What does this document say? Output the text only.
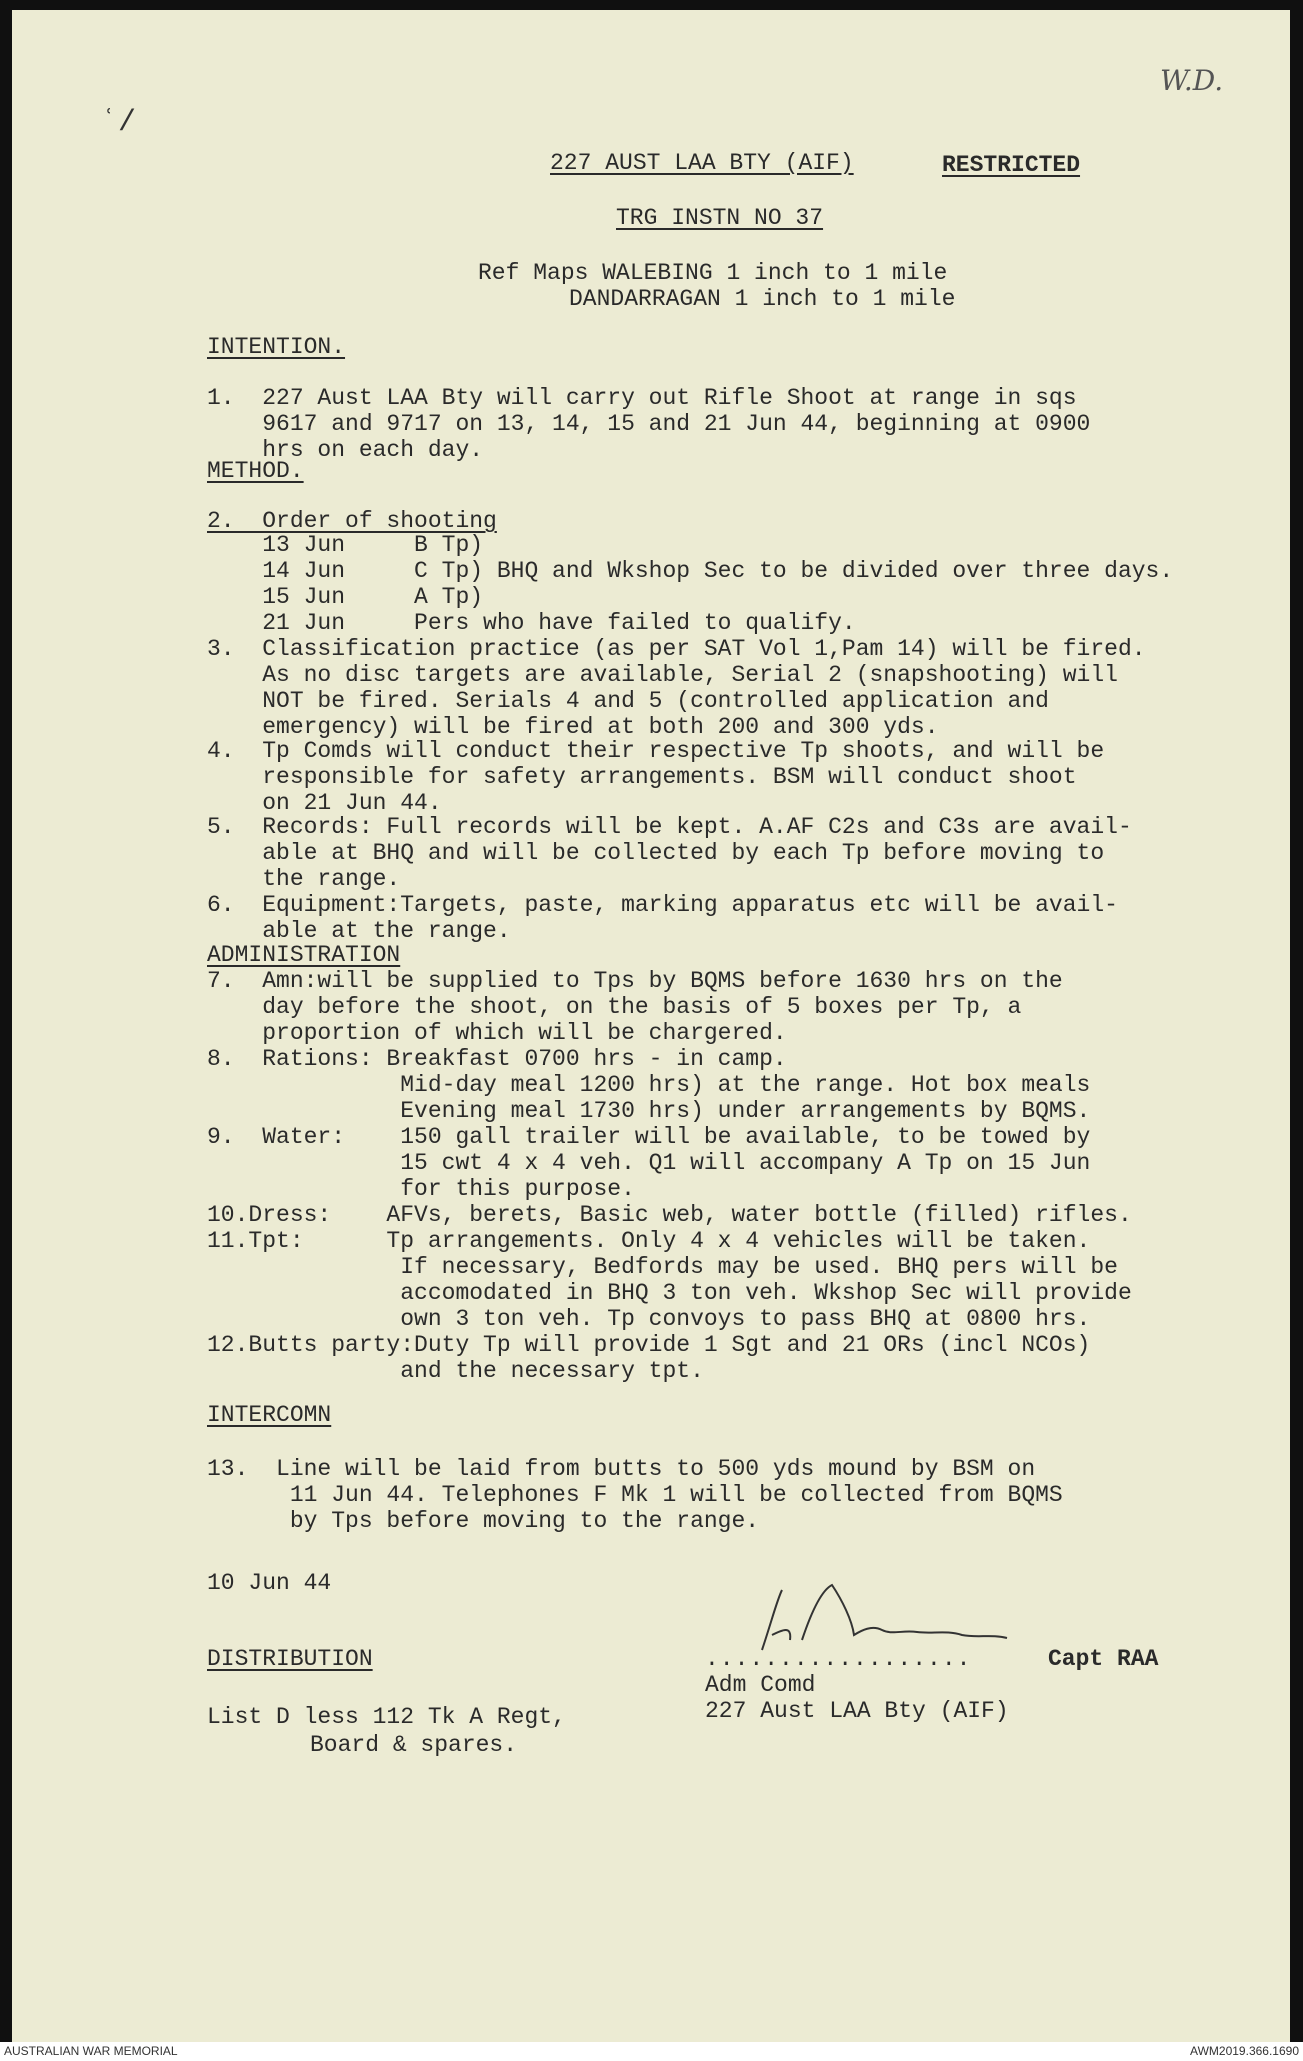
W.D.
ʿ/
227 AUST LAA BTY (AIF)	RESTRICTED
TRG INSTN NO 37
Ref Maps WALEBING 1 inch to 1 mile
DANDARRAGAN 1 inch to 1 mile
INTENTION.

1.  227 Aust LAA Bty will carry out Rifle Shoot at range in sqs

9617 and 9717 on 13, 14, 15 and 21 Jun 44, beginning at 0900

hrs on each day.

METHOD.
2.  Order of shooting

13 Jun     B Tp)

14 Jun     C Tp) BHQ and Wkshop Sec to be divided over three days.

15 Jun     A Tp)

21 Jun     Pers who have failed to qualify.

3.  Classification practice (as per SAT Vol 1,Pam 14) will be fired.

As no disc targets are available, Serial 2 (snapshooting) will

NOT be fired. Serials 4 and 5 (controlled application and

emergency) will be fired at both 200 and 300 yds.

4.  Tp Comds will conduct their respective Tp shoots, and will be

responsible for safety arrangements. BSM will conduct shoot

on 21 Jun 44.

5.  Records: Full records will be kept. A.AF C2s and C3s are avail-

able at BHQ and will be collected by each Tp before moving to

the range.

6.  Equipment:Targets, paste, marking apparatus etc will be avail-

able at the range.

ADMINISTRATION

7.  Amn:will be supplied to Tps by BQMS before 1630 hrs on the

day before the shoot, on the basis of 5 boxes per Tp, a

proportion of which will be chargered.

8.  Rations: Breakfast 0700 hrs - in camp.

Mid-day meal 1200 hrs) at the range. Hot box meals

Evening meal 1730 hrs) under arrangements by BQMS.

9.  Water:    150 gall trailer will be available, to be towed by

15 cwt 4 x 4 veh. Q1 will accompany A Tp on 15 Jun

for this purpose.

10.Dress:    AFVs, berets, Basic web, water bottle (filled) rifles.

11.Tpt:      Tp arrangements. Only 4 x 4 vehicles will be taken.

If necessary, Bedfords may be used. BHQ pers will be

accomodated in BHQ 3 ton veh. Wkshop Sec will provide

own 3 ton veh. Tp convoys to pass BHQ at 0800 hrs.

12.Butts party:Duty Tp will provide 1 Sgt and 21 ORs (incl NCOs)

and the necessary tpt.

INTERCOMN

13.  Line will be laid from butts to 500 yds mound by BSM on

11 Jun 44. Telephones F Mk 1 will be collected from BQMS

by Tps before moving to the range.

10 Jun 44
DISTRIBUTION
List D less 112 Tk A Regt,
Board & spares.
..................	Capt RAA
Adm Comd
227 Aust LAA Bty (AIF)
AUSTRALIAN WAR MEMORIAL	AWM2019.366.1690
